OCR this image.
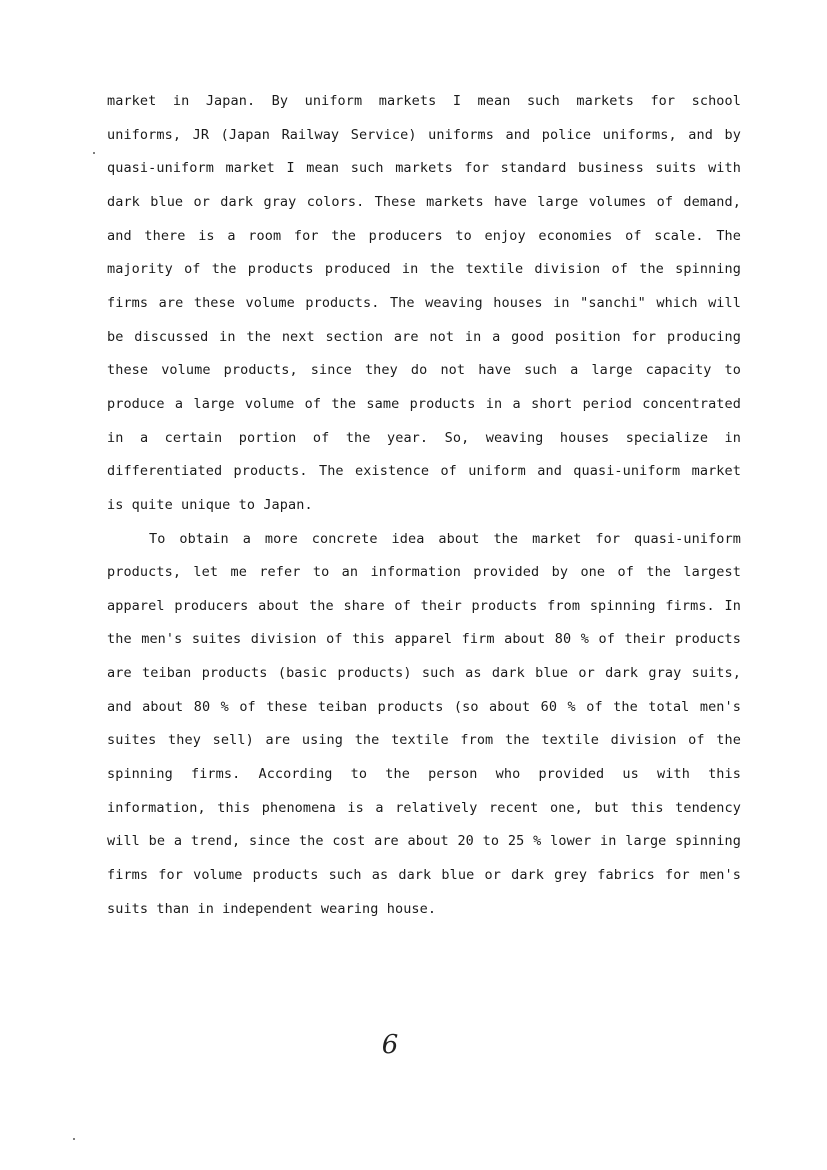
market in Japan. By uniform markets I mean such markets for school
uniforms, JR (Japan Railway Service) uniforms and police uniforms, and by
quasi-uniform market I mean such markets for standard business suits with
dark blue or dark gray colors. These markets have large volumes of demand,
and there is a room for the producers to enjoy economies of scale. The
majority of the products produced in the textile division of the spinning
firms are these volume products. The weaving houses in "sanchi" which will
be discussed in the next section are not in a good position for producing
these volume products, since they do not have such a large capacity to
produce a large volume of the same products in a short period concentrated
in a certain portion of the year. So, weaving houses specialize in
differentiated products. The existence of uniform and quasi-uniform market
is quite unique to Japan.
To obtain a more concrete idea about the market for quasi-uniform
products, let me refer to an information provided by one of the largest
apparel producers about the share of their products from spinning firms. In
the men's suites division of this apparel firm about 80 % of their products
are teiban products (basic products) such as dark blue or dark gray suits,
and about 80 % of these teiban products (so about 60 % of the total men's
suites they sell) are using the textile from the textile division of the
spinning firms. According to the person who provided us with this
information, this phenomena is a relatively recent one, but this tendency
will be a trend, since the cost are about 20 to 25 % lower in large spinning
firms for volume products such as dark blue or dark grey fabrics for men's
suits than in independent wearing house.
6
